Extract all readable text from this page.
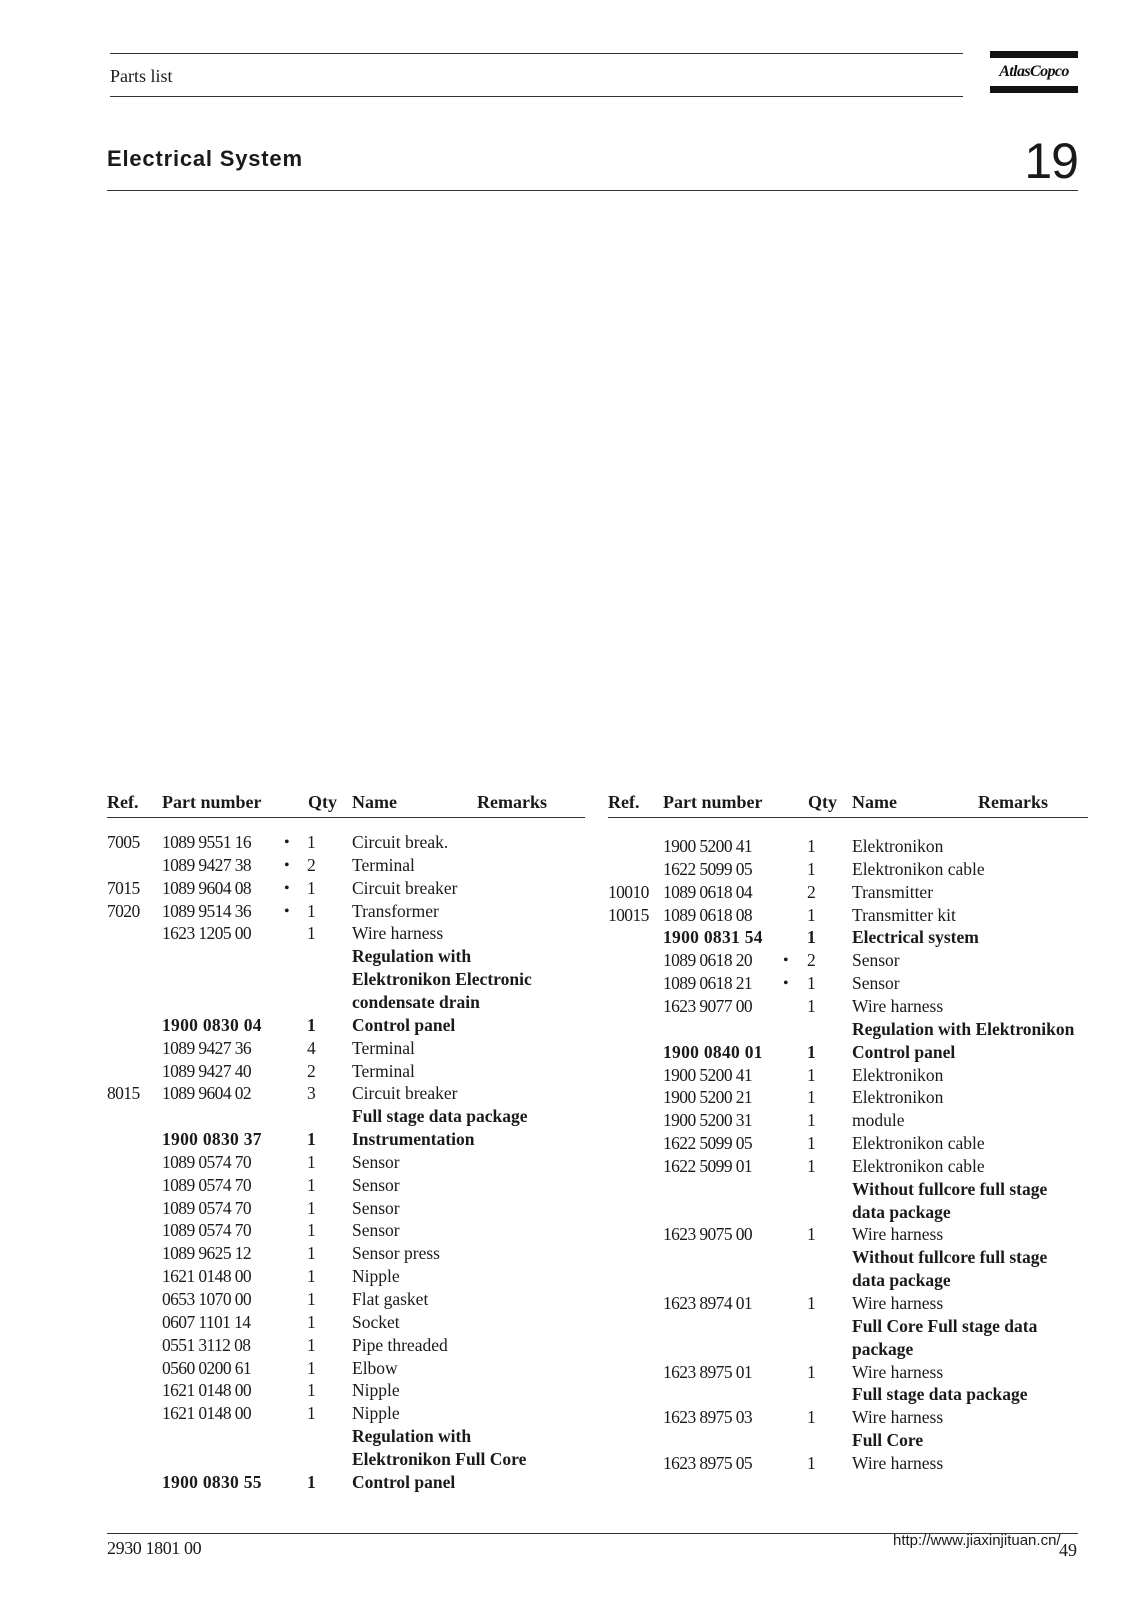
Parts list	AtlasCopco
Electrical System	19
Ref. Part number	Qty Name	Remarks	Ref. Part number	Qty Name	Remarks
7005 1089 9551 16 • 1 Circuit break.
1089 9427 38 • 2 Terminal
7015 1089 9604 08 • 1 Circuit breaker
7020 1089 9514 36 • 1 Transformer
1623 1205 00	1 Wire harness
Regulation with
Elektronikon Electronic
condensate drain
1900 0830 04	1 Control panel
1089 9427 36	4 Terminal
1089 9427 40	2 Terminal
8015 1089 9604 02	3 Circuit breaker
Full stage data package
1900 0830 37	1 Instrumentation
1089 0574 70	1 Sensor
1089 0574 70	1 Sensor
1089 0574 70	1 Sensor
1089 0574 70	1 Sensor
1089 9625 12	1 Sensor press
1621 0148 00	1 Nipple
0653 1070 00	1 Flat gasket
0607 1101 14	1 Socket
0551 3112 08	1 Pipe threaded
0560 0200 61	1 Elbow
1621 0148 00	1 Nipple
1621 0148 00	1 Nipple
Regulation with
Elektronikon Full Core
1900 0830 55	1 Control panel
1900 5200 41	1 Elektronikon
1622 5099 05	1 Elektronikon cable
10010 1089 0618 04	2 Transmitter
10015 1089 0618 08	1 Transmitter kit
1900 0831 54	1 Electrical system
1089 0618 20 • 2 Sensor
1089 0618 21 • 1 Sensor
1623 9077 00	1 Wire harness
Regulation with Elektronikon
1900 0840 01	1 Control panel
1900 5200 41	1 Elektronikon
1900 5200 21	1 Elektronikon
1900 5200 31	1 module
1622 5099 05	1 Elektronikon cable
1622 5099 01	1 Elektronikon cable
Without fullcore full stage
data package
1623 9075 00	1 Wire harness
Without fullcore full stage
data package
1623 8974 01	1 Wire harness
Full Core Full stage data
package
1623 8975 01	1 Wire harness
Full stage data package
1623 8975 03	1 Wire harness
Full Core
1623 8975 05	1 Wire harness
2930 1801 00	http://www.jiaxinjituan.cn/
49
